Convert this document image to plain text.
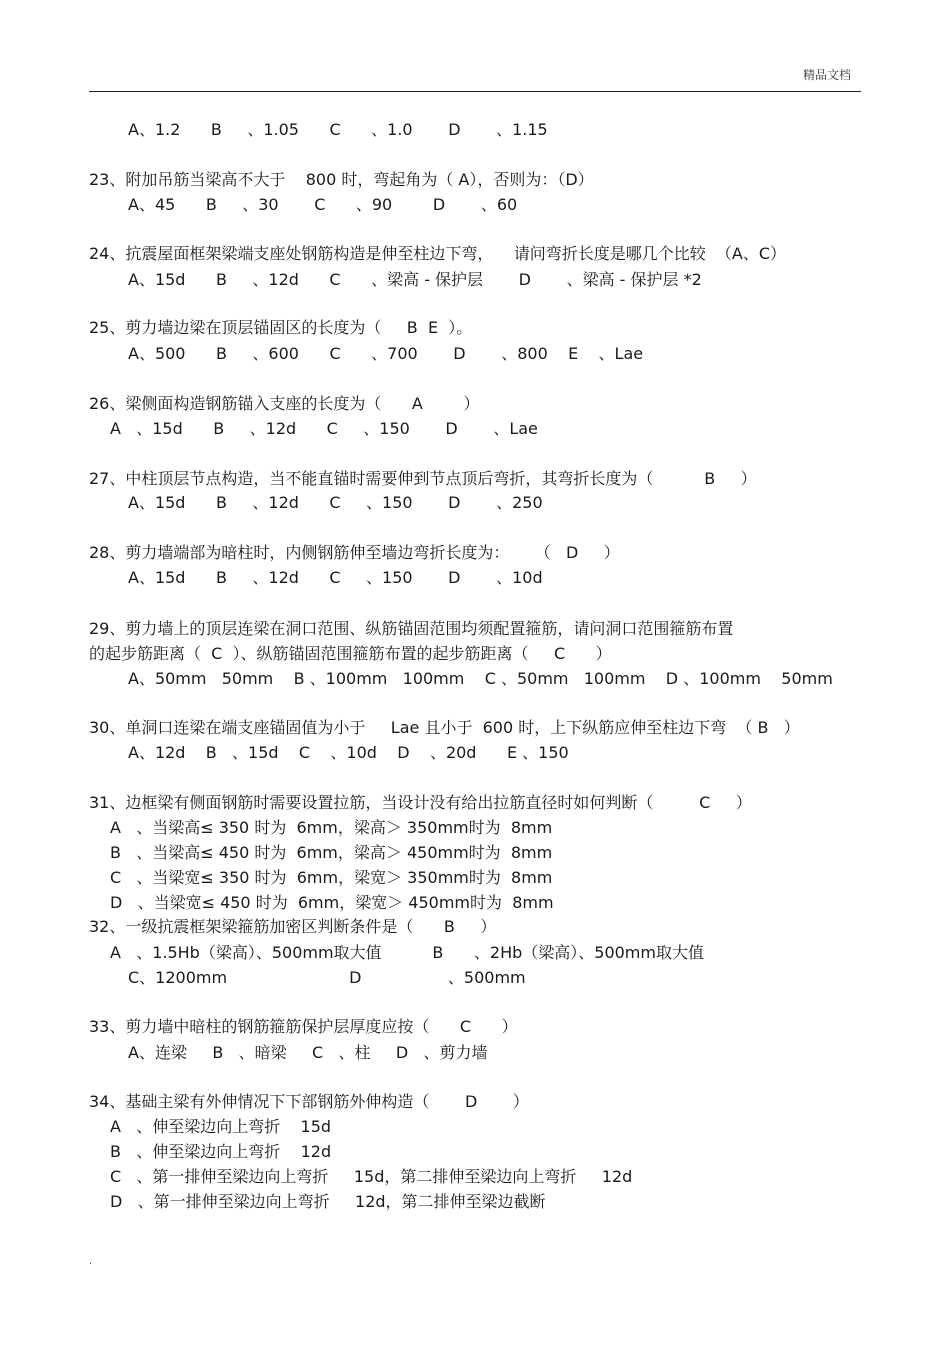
精品文档
A、1.2      B     、1.05      C      、1.0       D       、1.15
23、附加吊筋当梁高不大于    800 时，弯起角为（ A），否则为：（D）
A、45      B     、30       C      、90        D       、60
24、抗震屋面框架梁端支座处钢筋构造是伸至柱边下弯，    请问弯折长度是哪几个比较  （A、C）
A、15d      B     、12d      C      、梁高 - 保护层       D       、梁高 - 保护层 *2
25、剪力墙边梁在顶层锚固区的长度为（     B  E  ）。
A、500      B     、600      C      、700       D       、800    E    、Lae
26、梁侧面构造钢筋锚入支座的长度为（      A        ）
A   、15d      B     、12d      C     、150       D       、Lae
27、中柱顶层节点构造，当不能直锚时需要伸到节点顶后弯折，其弯折长度为（          B     ）
A、15d      B     、12d      C     、150       D       、250
28、剪力墙端部为暗柱时，内侧钢筋伸至墙边弯折长度为：     （   D     ）
A、15d      B     、12d      C     、150       D       、10d
29、剪力墙上的顶层连梁在洞口范围、纵筋锚固范围均须配置箍筋，请问洞口范围箍筋布置
的起步筋距离（  C  ）、纵筋锚固范围箍筋布置的起步筋距离（     C      ）
A、50mm   50mm    B 、100mm   100mm    C 、50mm   100mm    D 、100mm    50mm
30、单洞口连梁在端支座锚固值为小于     Lae 且小于  600 时，上下纵筋应伸至柱边下弯  （ B   ）
A、12d    B   、15d    C    、10d    D    、20d      E 、150
31、边框梁有侧面钢筋时需要设置拉筋，当设计没有给出拉筋直径时如何判断（         C     ）
A   、当梁高≤ 350 时为  6mm，梁高＞ 350mm时为  8mm
B   、当梁高≤ 450 时为  6mm，梁高＞ 450mm时为  8mm
C   、当梁宽≤ 350 时为  6mm，梁宽＞ 350mm时为  8mm
D   、当梁宽≤ 450 时为  6mm，梁宽＞ 450mm时为  8mm
32、一级抗震框架梁箍筋加密区判断条件是（      B     ）
A   、1.5Hb（梁高）、500mm取大值          B      、2Hb（梁高）、500mm取大值
C、1200mm                        D                 、500mm
33、剪力墙中暗柱的钢筋箍筋保护层厚度应按（      C      ）
A、连梁     B   、暗梁     C   、柱     D   、剪力墙
34、基础主梁有外伸情况下下部钢筋外伸构造（       D       ）
A   、伸至梁边向上弯折    15d
B   、伸至梁边向上弯折    12d
C   、第一排伸至梁边向上弯折     15d，第二排伸至梁边向上弯折     12d
D   、第一排伸至梁边向上弯折     12d，第二排伸至梁边截断
.
